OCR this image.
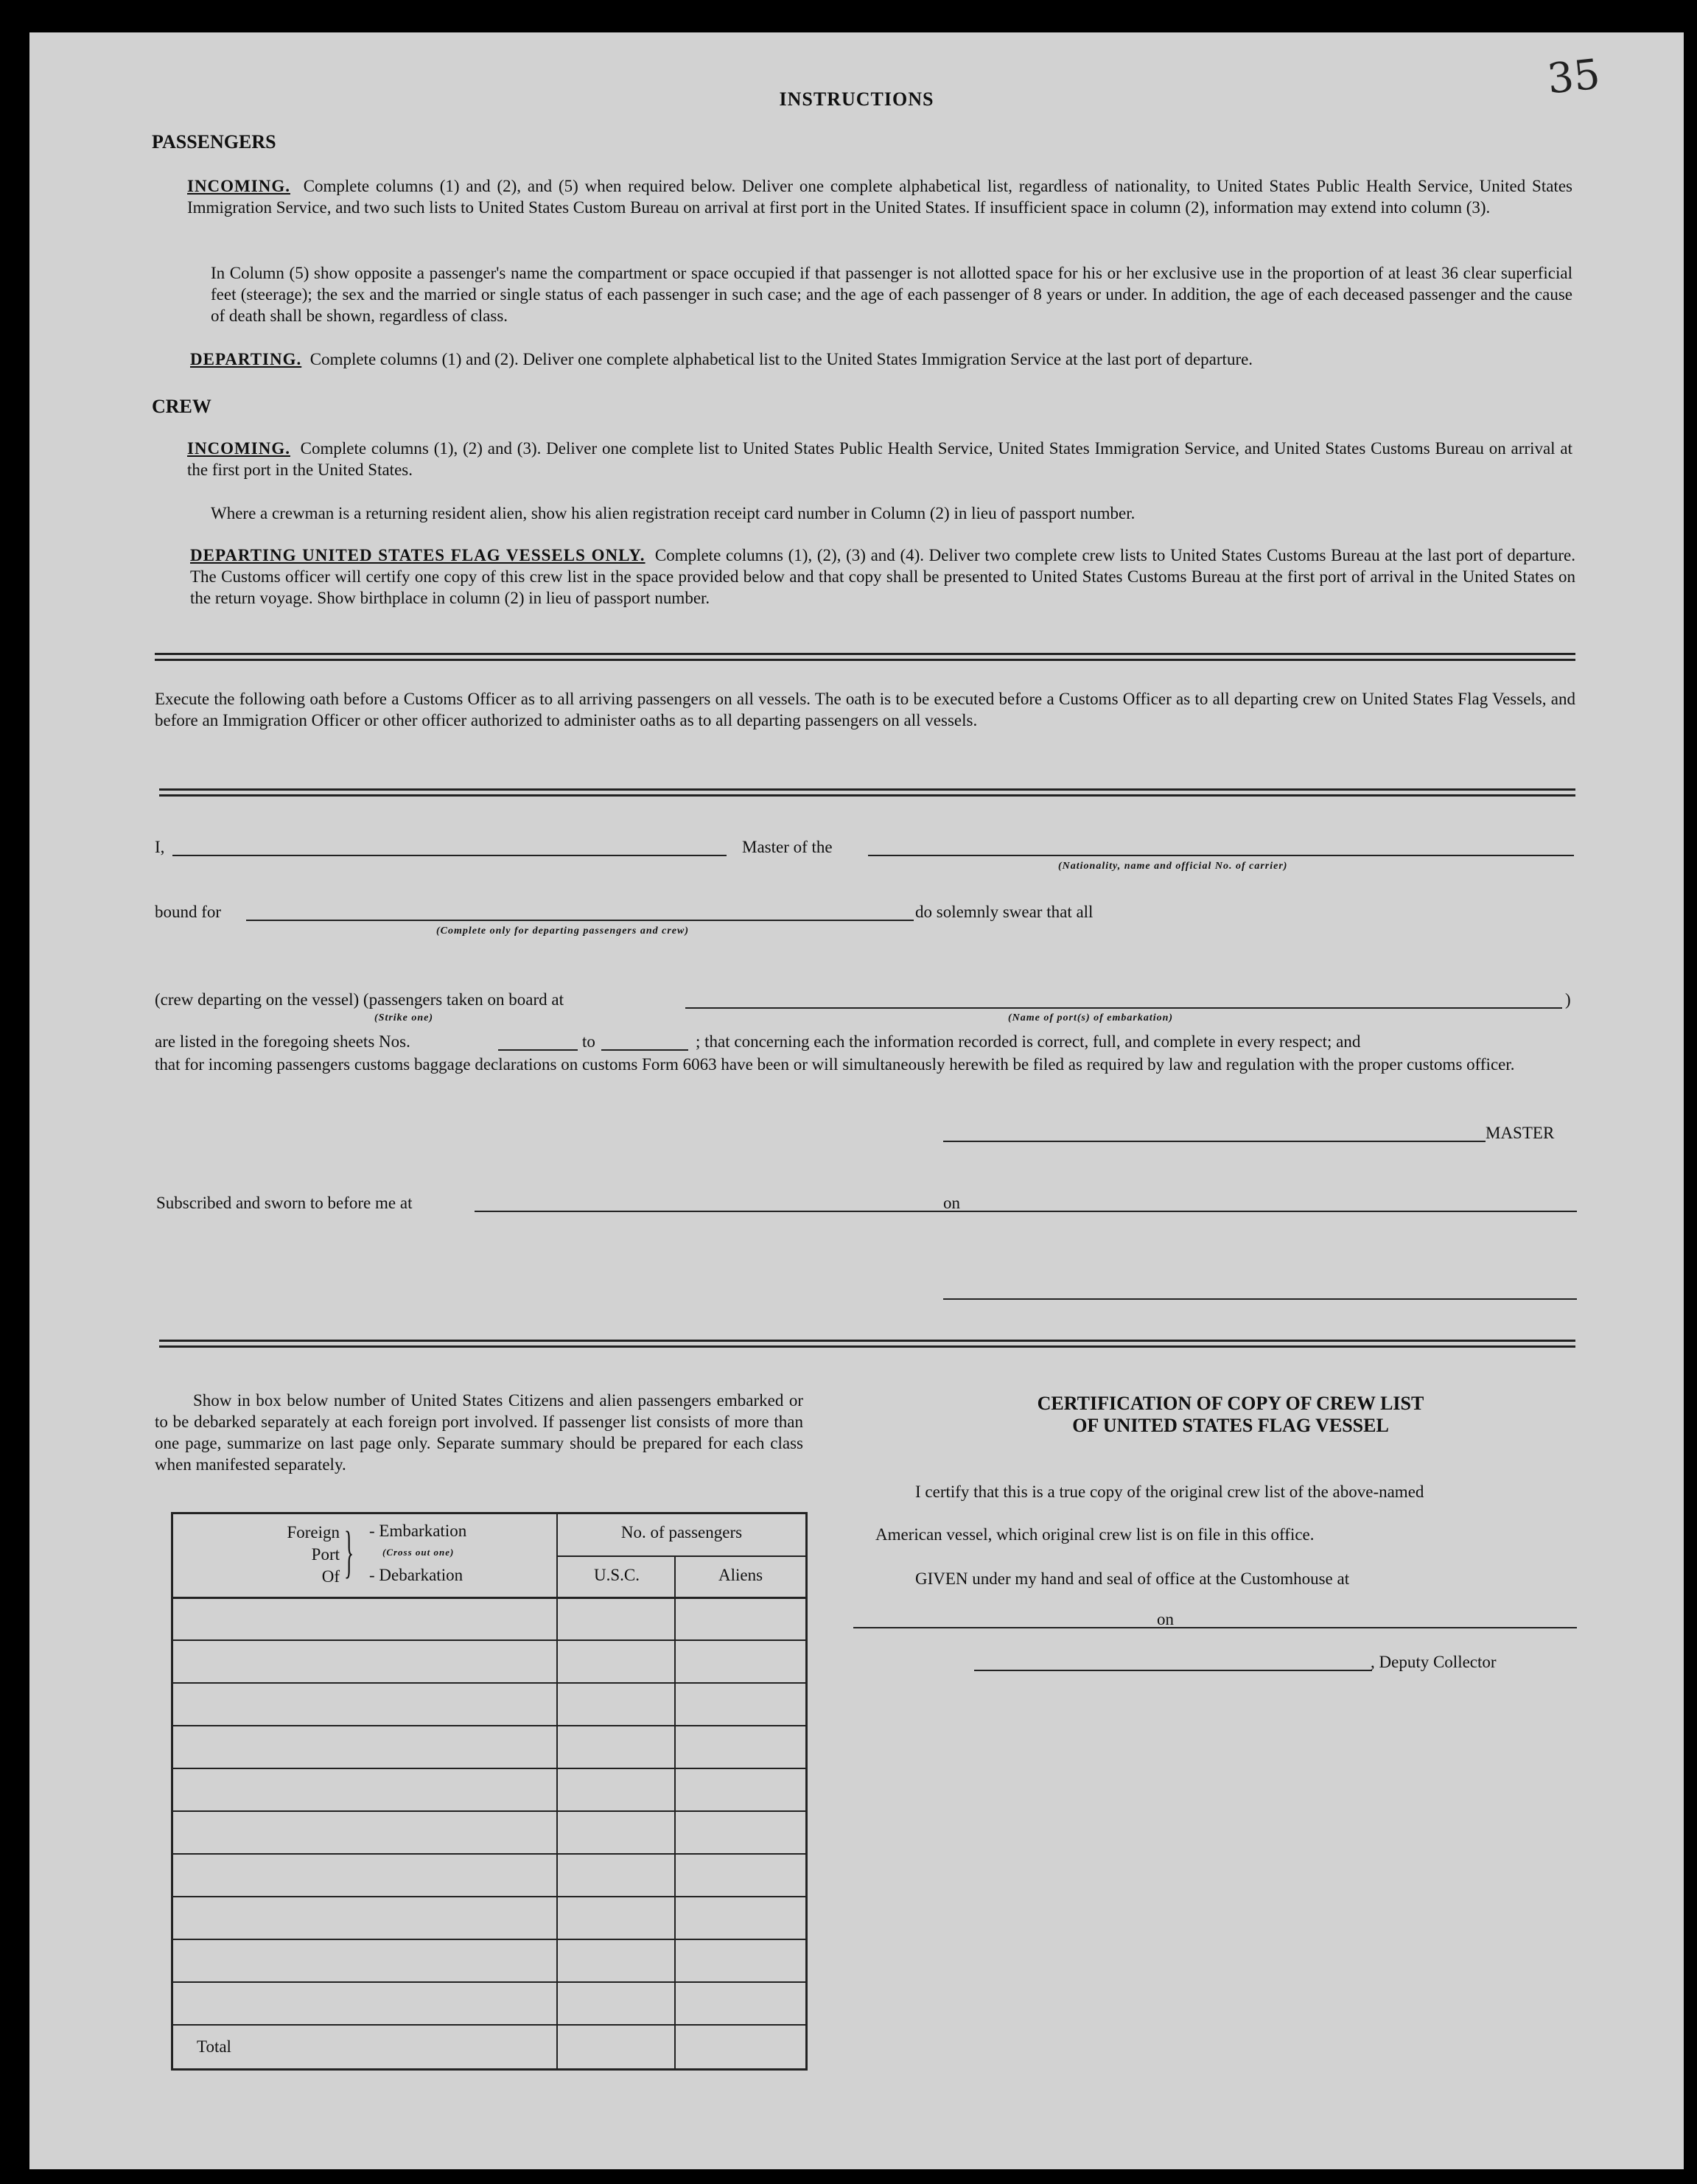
INSTRUCTIONS	35
PASSENGERS
INCOMING. Complete columns (1) and (2), and (5) when required below. Deliver one complete alphabetical list, regardless of nationality, to United States Public Health Service, United States Immigration Service, and two such lists to United States Custom Bureau on arrival at first port in the United States. If insufficient space in column (2), information may extend into column (3).
In Column (5) show opposite a passenger's name the compartment or space occupied if that passenger is not allotted space for his or her exclusive use in the proportion of at least 36 clear superficial feet (steerage); the sex and the married or single status of each passenger in such case; and the age of each passenger of 8 years or under. In addition, the age of each deceased passenger and the cause of death shall be shown, regardless of class.
DEPARTING. Complete columns (1) and (2). Deliver one complete alphabetical list to the United States Immigration Service at the last port of departure.
CREW
INCOMING. Complete columns (1), (2) and (3). Deliver one complete list to United States Public Health Service, United States Immigration Service, and United States Customs Bureau on arrival at the first port in the United States.
Where a crewman is a returning resident alien, show his alien registration receipt card number in Column (2) in lieu of passport number.
DEPARTING UNITED STATES FLAG VESSELS ONLY. Complete columns (1), (2), (3) and (4). Deliver two complete crew lists to United States Customs Bureau at the last port of departure. The Customs officer will certify one copy of this crew list in the space provided below and that copy shall be presented to United States Customs Bureau at the first port of arrival in the United States on the return voyage. Show birthplace in column (2) in lieu of passport number.
Execute the following oath before a Customs Officer as to all arriving passengers on all vessels. The oath is to be executed before a Customs Officer as to all departing crew on United States Flag Vessels, and before an Immigration Officer or other officer authorized to administer oaths as to all departing passengers on all vessels.
I,	Master of the
(Nationality, name and official No. of carrier)
bound for
(Complete only for departing passengers and crew)
do solemnly swear that all
(crew departing on the vessel) (passengers taken on board at	)
(Strike one)	(Name of port(s) of embarkation)
are listed in the foregoing sheets Nos.	to	; that concerning each the information recorded is correct, full, and complete in every respect; and
that for incoming passengers customs baggage declarations on customs Form 6063 have been or will simultaneously herewith be filed as required by law and regulation with the proper customs officer.
MASTER
Subscribed and sworn to before me at	on
Show in box below number of United States Citizens and alien passengers embarked or to be debarked separately at each foreign port involved. If passenger list consists of more than one page, summarize on last page only. Separate summary should be prepared for each class when manifested separately.
Foreign
Port
Of } - Embarkation
(Cross out one)
- Debarkation
No. of passengers
U.S.C.	Aliens
Total
CERTIFICATION OF COPY OF CREW LIST
OF UNITED STATES FLAG VESSEL
I certify that this is a true copy of the original crew list of the above-named
American vessel, which original crew list is on file in this office.
GIVEN under my hand and seal of office at the Customhouse at
on
, Deputy Collector
